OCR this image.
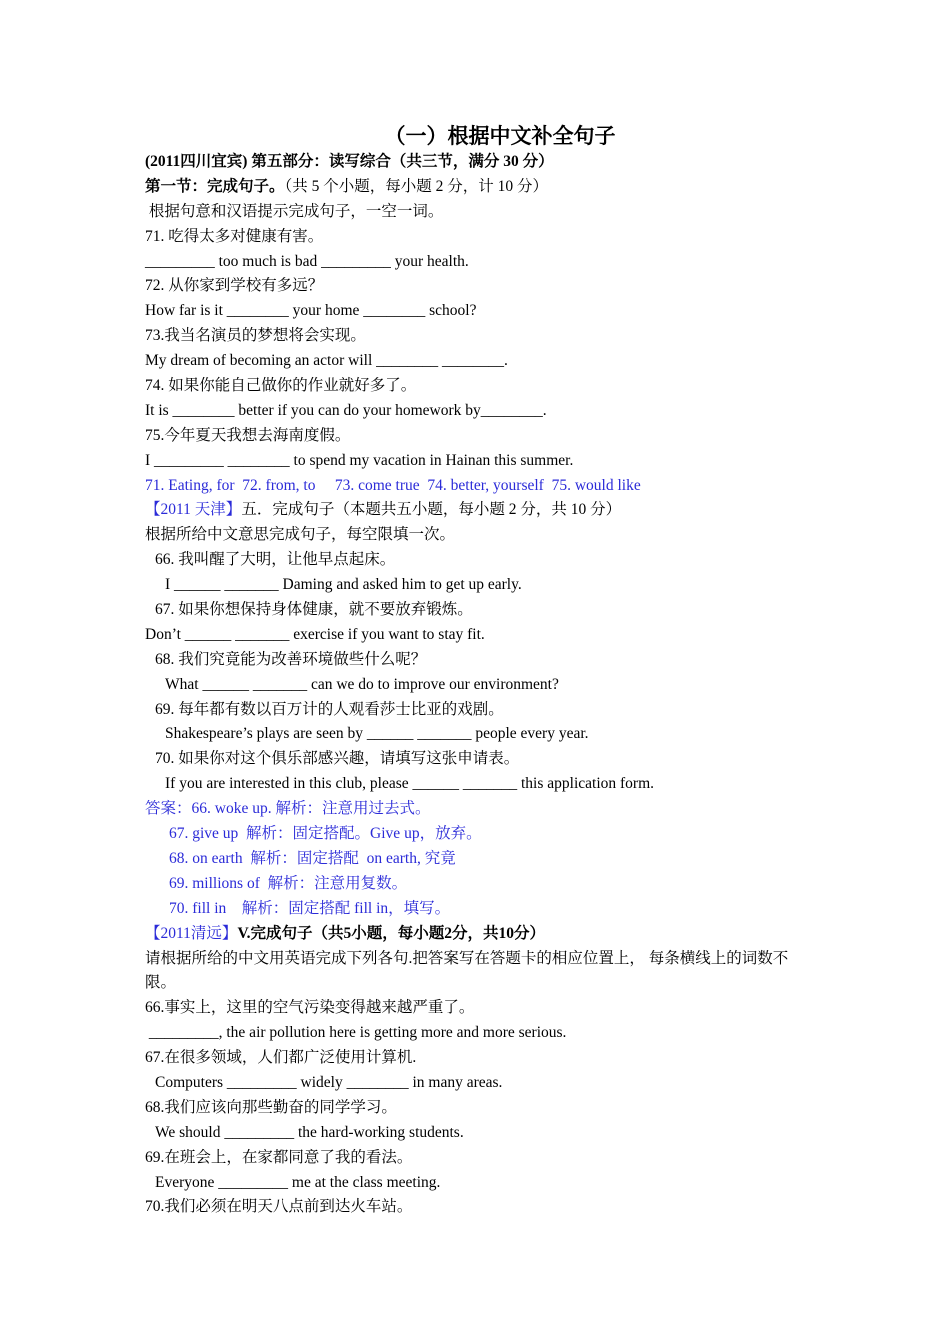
（一）根据中文补全句子
(2011四川宜宾) 第五部分：读写综合（共三节，满分 30 分）
第一节：完成句子。（共 5 个小题，每小题 2 分，计 10 分）
根据句意和汉语提示完成句子，一空一词。
71. 吃得太多对健康有害。
_________ too much is bad _________ your health.
72. 从你家到学校有多远？
How far is it ________ your home ________ school?
73.我当名演员的梦想将会实现。
My dream of becoming an actor will ________ ________.
74. 如果你能自己做你的作业就好多了。
It is ________ better if you can do your homework by________.
75.今年夏天我想去海南度假。
I _________ ________ to spend my vacation in Hainan this summer.
71. Eating, for  72. from, to     73. come true  74. better, yourself  75. would like
【2011 天津】五．完成句子（本题共五小题，每小题 2 分，共 10 分）
根据所给中文意思完成句子，每空限填一次。
66. 我叫醒了大明，让他早点起床。
I ______ _______ Daming and asked him to get up early.
67. 如果你想保持身体健康，就不要放弃锻炼。
Don’t ______ _______ exercise if you want to stay fit.
68. 我们究竟能为改善环境做些什么呢？
What ______ _______ can we do to improve our environment?
69. 每年都有数以百万计的人观看莎士比亚的戏剧。
Shakespeare’s plays are seen by ______ _______ people every year.
70. 如果你对这个俱乐部感兴趣，请填写这张申请表。
If you are interested in this club, please ______ _______ this application form.
答案：66. woke up. 解析：注意用过去式。
67. give up  解析：固定搭配。Give up，放弃。
68. on earth  解析：固定搭配  on earth, 究竟
69. millions of  解析：注意用复数。
70. fill in    解析：固定搭配 fill in，填写。
【2011清远】V.完成句子（共5小题，每小题2分，共10分）
请根据所给的中文用英语完成下列各句.把答案写在答题卡的相应位置上， 每条横线上的词数不限。
66.事实上，这里的空气污染变得越来越严重了。
_________, the air pollution here is getting more and more serious.
67.在很多领域，人们都广泛使用计算机.
Computers _________ widely ________ in many areas.
68.我们应该向那些勤奋的同学学习。
We should _________ the hard-working students.
69.在班会上，在家都同意了我的看法。
Everyone _________ me at the class meeting.
70.我们必须在明天八点前到达火车站。
